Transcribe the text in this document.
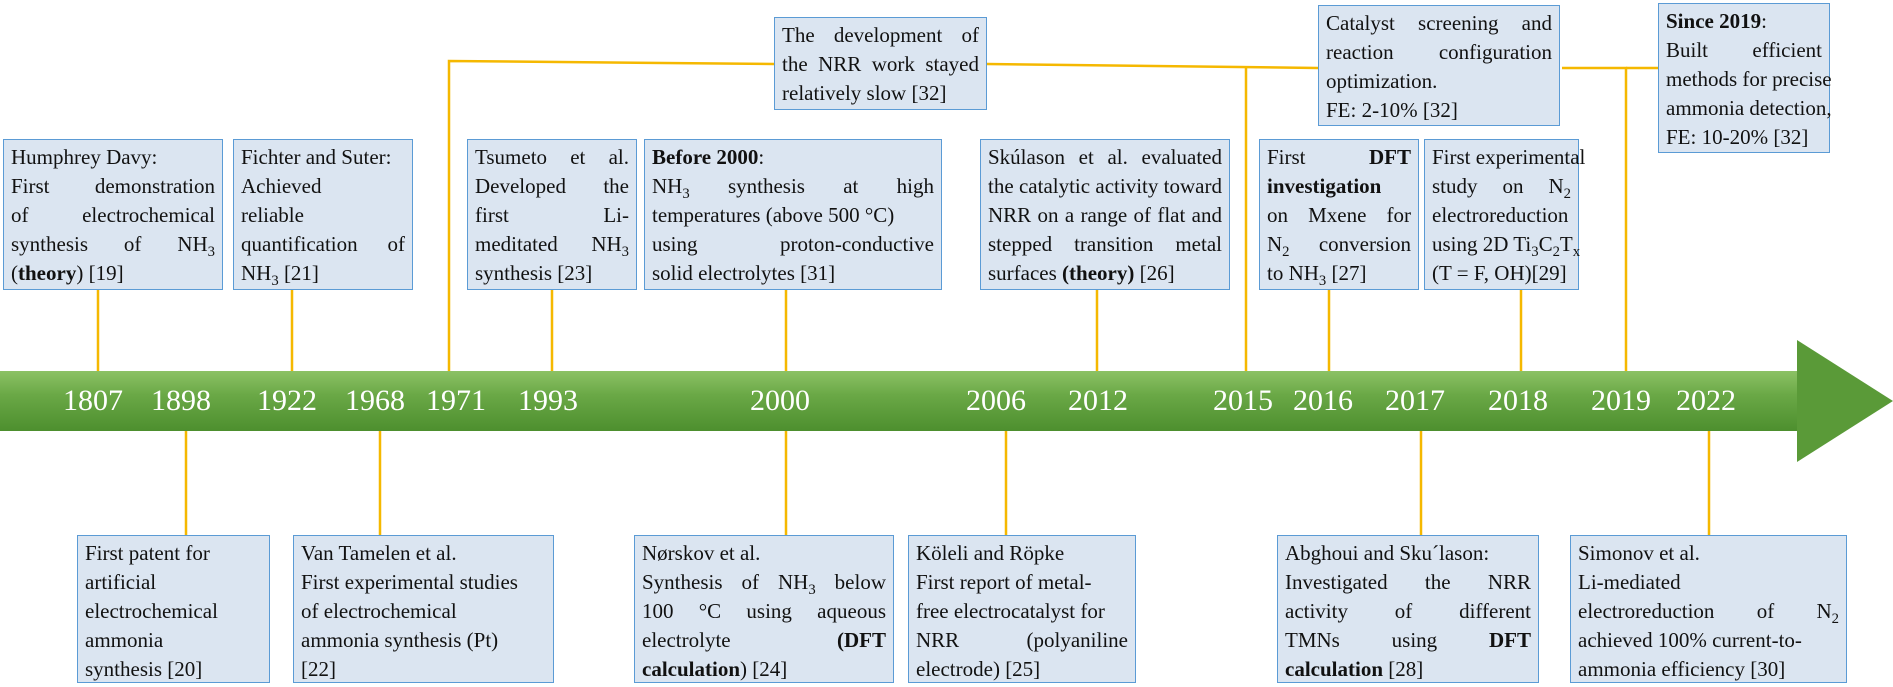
1807 1898 1922 1968 1971 1993	2000	2006 2012	2015 2016 2017 2018 2019 2022
Humphrey Davy:
First demonstration
of electrochemical
synthesis of $NH_3$
(theory) [19]
First patent for
artificial
electrochemical
ammonia
synthesis [20]
Fichter and Suter:
Achieved
reliable
quantification of
$NH_3$ [21]
Van Tamelen et al.
First experimental studies
of electrochemical
ammonia synthesis (Pt)
[22]
The development of
the NRR work stayed
relatively slow [32]
Tsumeto et al.
Developed the
first Li-
meditated $NH_3$
synthesis [23]
Before 2000:
$NH_3$ synthesis at high
temperatures (above 500 °C)
using proton-conductive
solid electrolytes [31]
Nørskov et al.
Synthesis of $NH_3$ below
100 °C using aqueous
electrolyte	(DFT
calculation) [24]
Köleli and Röpke
First report of metal-
free electrocatalyst for
NRR (polyaniline
electrode) [25]
Skúlason et al. evaluated
the catalytic activity toward
NRR on a range of flat and
stepped transition metal
surfaces (theory) [26]
Catalyst screening and
reaction configuration
optimization.
FE: 2-10% [32]
First	DFT
investigation
on Mxene for
$N_2$ conversion
to $NH_3$ [27]
Abghoui and Sku´lason:
Investigated the NRR
activity of different
TMNs using DFT
calculation [28]
First experimental
study on $N_2$
electroreduction
using 2D $Ti_3C_2T_x$
(T = F, OH)[29]
Since 2019:
Built efficient
methods for precise
ammonia detection,
FE: 10-20% [32]
Simonov et al.
Li-mediated
electroreduction of $N_2$
achieved 100% current-to-
ammonia efficiency [30]
